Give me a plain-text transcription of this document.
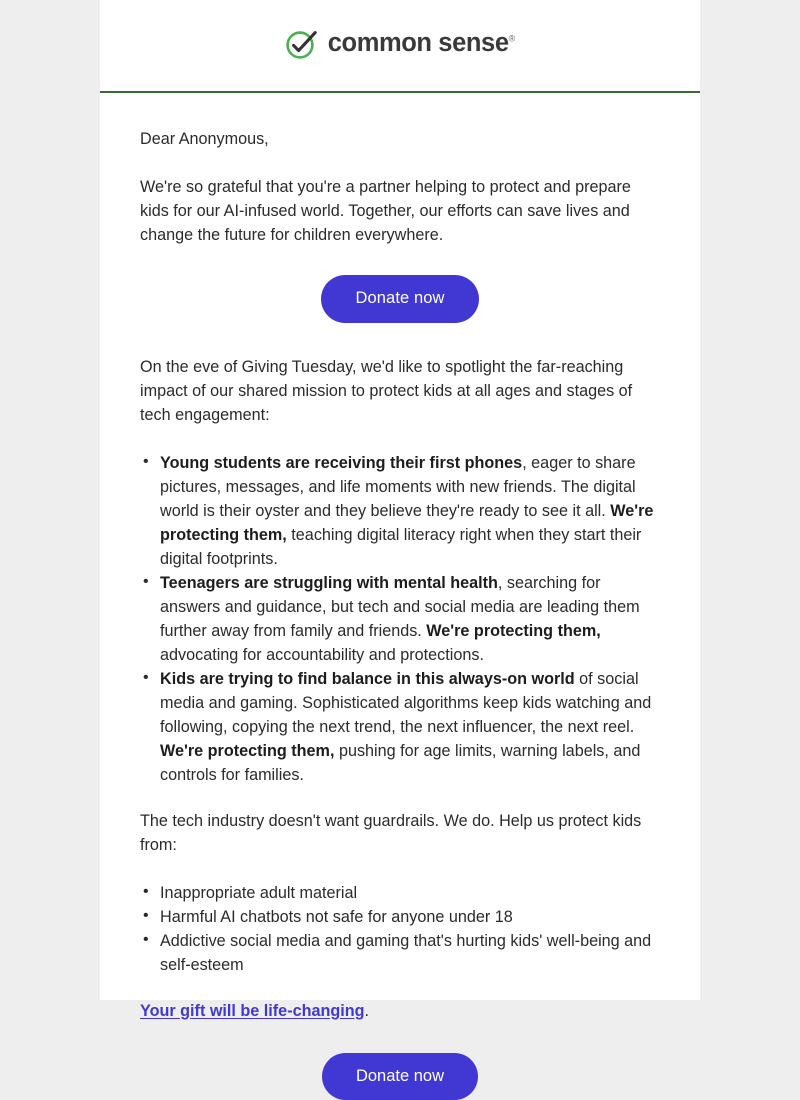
common sense®

Dear Anonymous,

We're so grateful that you're a partner helping to protect and prepare kids for our AI-infused world. Together, our efforts can save lives and change the future for children everywhere.

Donate now

On the eve of Giving Tuesday, we'd like to spotlight the far-reaching impact of our shared mission to protect kids at all ages and stages of tech engagement:

• Young students are receiving their first phones, eager to share pictures, messages, and life moments with new friends. The digital world is their oyster and they believe they're ready to see it all. We're protecting them, teaching digital literacy right when they start their digital footprints.
• Teenagers are struggling with mental health, searching for answers and guidance, but tech and social media are leading them further away from family and friends. We're protecting them, advocating for accountability and protections.
• Kids are trying to find balance in this always-on world of social media and gaming. Sophisticated algorithms keep kids watching and following, copying the next trend, the next influencer, the next reel. We're protecting them, pushing for age limits, warning labels, and controls for families.

The tech industry doesn't want guardrails. We do. Help us protect kids from:

• Inappropriate adult material
• Harmful AI chatbots not safe for anyone under 18
• Addictive social media and gaming that's hurting kids' well-being and self-esteem

Your gift will be life-changing.

Donate now
